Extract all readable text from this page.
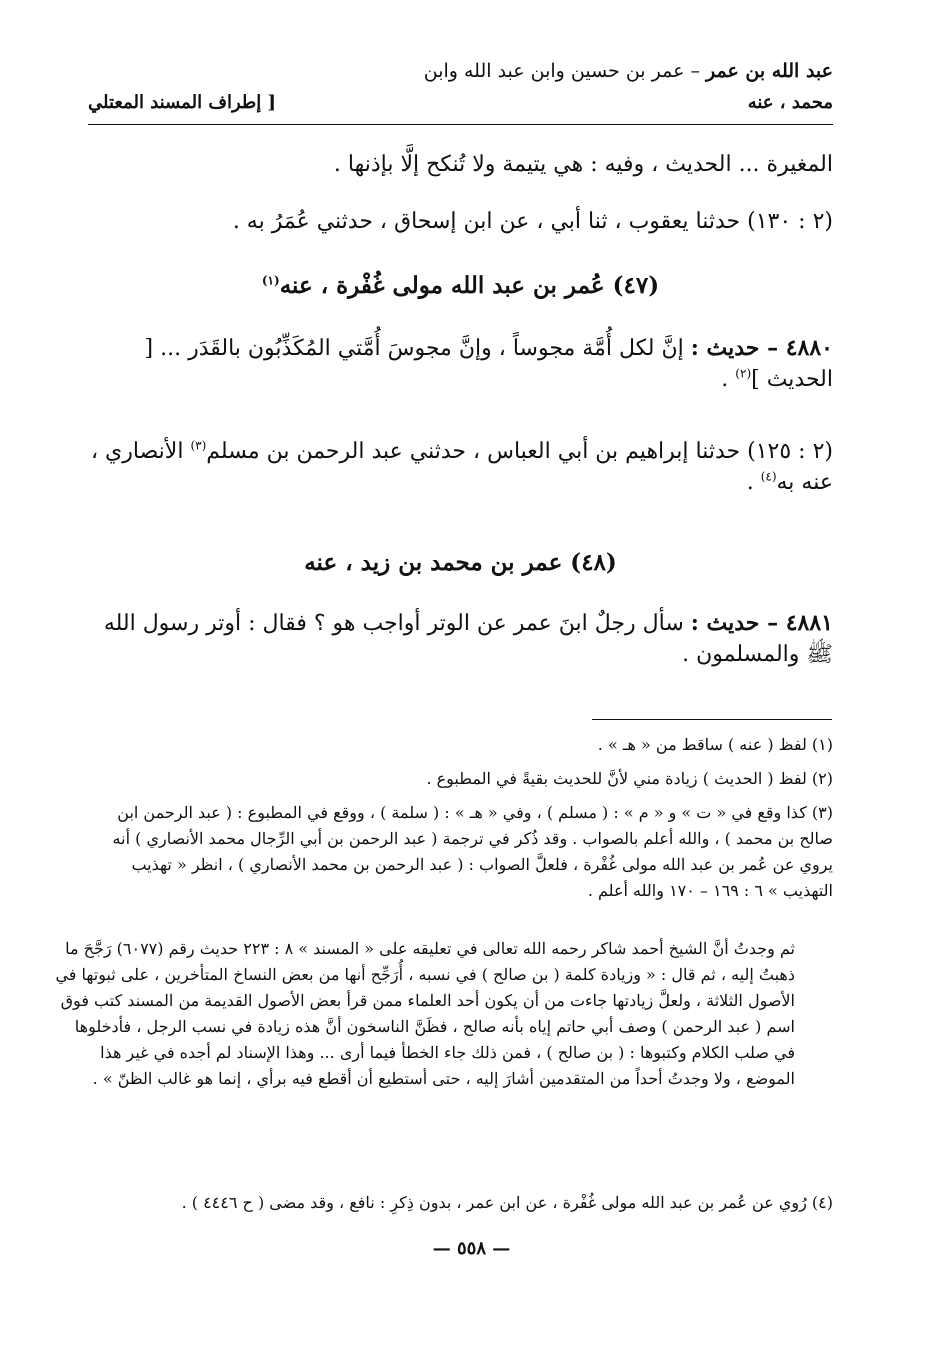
عبد الله بن عمر – عمر بن حسين وابن عبد الله وابن
محمد ، عنه
[ إطراف المسند المعتلي
المغيرة ... الحديث ، وفيه : هي يتيمة ولا تُنكح إلَّا بإذنها .
(٢ : ١٣٠) حدثنا يعقوب ، ثنا أبي ، عن ابن إسحاق ، حدثني عُمَرُ به .
(٤٧) عُمر بن عبد الله مولى غُفْرة ، عنه$^{(١)}$
٤٨٨٠ – حديث : إنَّ لكل أُمَّة مجوساً ، وإنَّ مجوسَ أُمَّتي المُكَذِّبُون بالقَدَر ... [ الحديث ]$^{(٢)}$ .
(٢ : ١٢٥) حدثنا إبراهيم بن أبي العباس ، حدثني عبد الرحمن بن مسلم$^{(٣)}$ الأنصاري ، عنه به$^{(٤)}$ .
(٤٨) عمر بن محمد بن زيد ، عنه
٤٨٨١ – حديث : سأل رجلٌ ابنَ عمر عن الوتر أواجب هو ؟ فقال : أوتر رسول الله ﷺ والمسلمون .
(١) لفظ ( عنه ) ساقط من « هـ » .
(٢) لفظ ( الحديث ) زيادة مني لأنَّ للحديث بقيةً في المطبوع .
(٣) كذا وقع في « ت » و « م » : ( مسلم ) ، وفي « هـ » : ( سلمة ) ، ووقع في المطبوع : ( عبد الرحمن ابن صالح بن محمد ) ، والله أعلم بالصواب . وقد ذُكر في ترجمة ( عبد الرحمن بن أبي الرِّجال محمد الأنصاري ) أنه يروي عن عُمر بن عبد الله مولى غُفْرة ، فلعلَّ الصواب : ( عبد الرحمن بن محمد الأنصاري ) ، انظر « تهذيب التهذيب » ٦ : ١٦٩ – ١٧٠ والله أعلم .
ثم وجدتُ أنَّ الشيخ أحمد شاكر رحمه الله تعالى في تعليقه على « المسند » ٨ : ٢٢٣ حديث رقم (٦٠٧٧) رَجَّحَ ما ذهبتُ إليه ، ثم قال : « وزيادة كلمة ( بن صالح ) في نسبه ، أُرَجِّح أنها من بعض النساخ المتأخرين ، على ثبوتها في الأصول الثلاثة ، ولعلَّ زيادتها جاءت من أن يكون أحد العلماء ممن قرأ بعض الأصول القديمة من المسند كتب فوق اسم ( عبد الرحمن ) وصف أبي حاتم إياه بأنه صالح ، فظَنَّ الناسخون أنَّ هذه زيادة في نسب الرجل ، فأدخلوها في صلب الكلام وكتبوها : ( بن صالح ) ، فمن ذلك جاء الخطأ فيما أرى ... وهذا الإسناد لم أجده في غير هذا الموضع ، ولا وجدتُ أحداً من المتقدمين أشارَ إليه ، حتى أستطيع أن أقطع فيه برأي ، إنما هو غالب الظنّ » .
(٤) رُوي عن عُمر بن عبد الله مولى غُفْرة ، عن ابن عمر ، بدون ذِكرِ : نافع ، وقد مضى ( ح ٤٤٤٦ ) .
— ٥٥٨ —
